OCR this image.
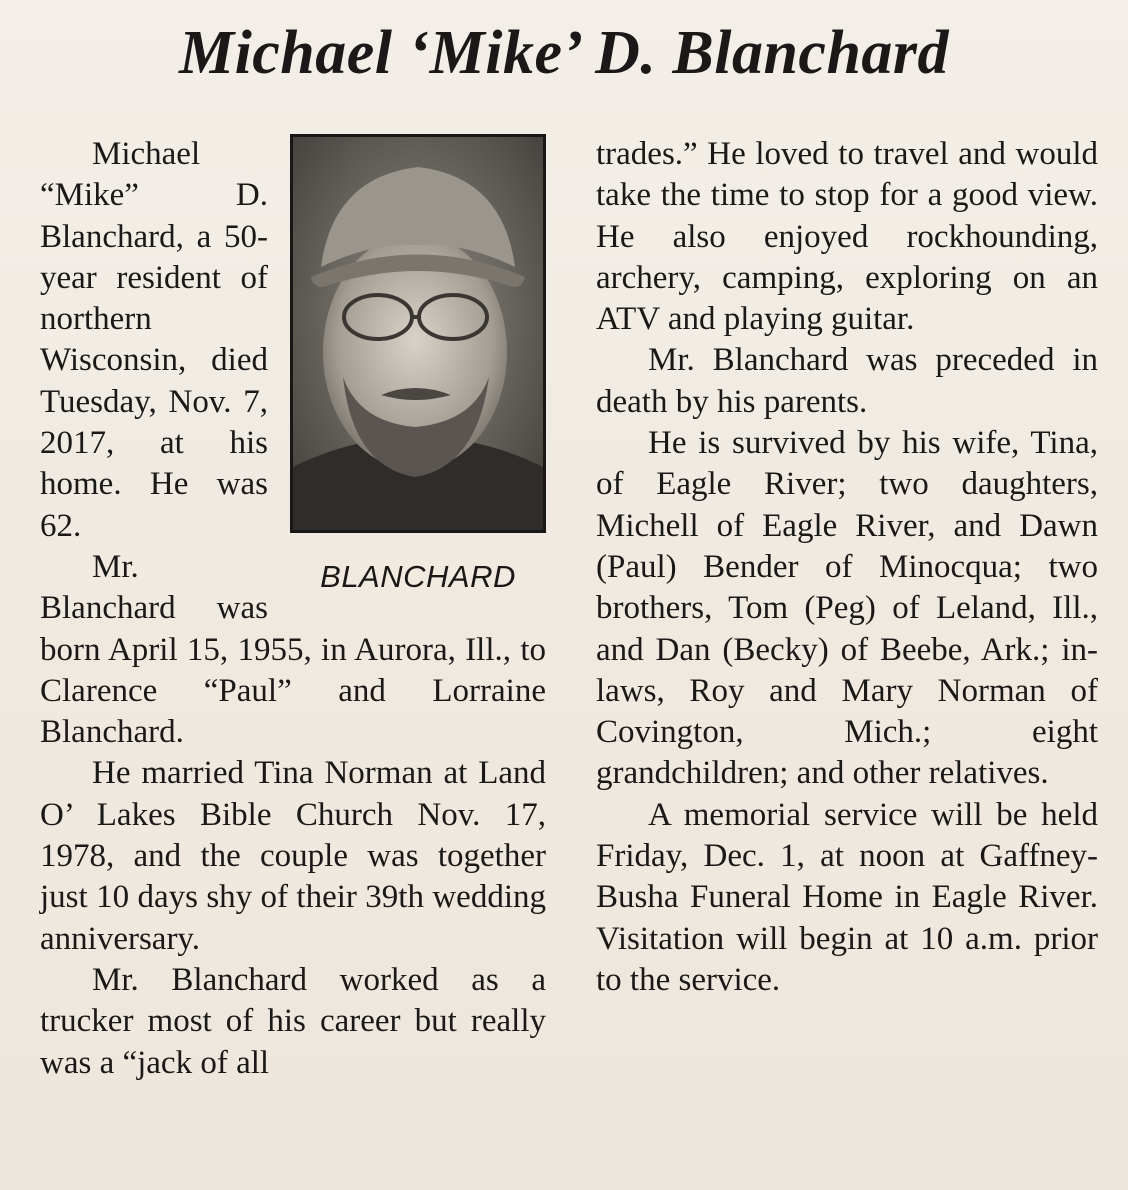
Michael ‘Mike’ D. Blanchard
BLANCHARD

Michael “Mike” D. Blanchard, a 50-year resident of northern Wisconsin, died Tuesday, Nov. 7, 2017, at his home. He was 62.

Mr. Blanchard was born April 15, 1955, in Aurora, Ill., to Clarence “Paul” and Lorraine Blanchard.

He married Tina Norman at Land O’ Lakes Bible Church Nov. 17, 1978, and the couple was together just 10 days shy of their 39th wedding anniversary.

Mr. Blanchard worked as a trucker most of his career but really was a “jack of all

trades.” He loved to travel and would take the time to stop for a good view. He also enjoyed rockhounding, archery, camping, exploring on an ATV and playing guitar.

Mr. Blanchard was preceded in death by his parents.

He is survived by his wife, Tina, of Eagle River; two daughters, Michell of Eagle River, and Dawn (Paul) Bender of Minocqua; two brothers, Tom (Peg) of Leland, Ill., and Dan (Becky) of Beebe, Ark.; in-laws, Roy and Mary Norman of Covington, Mich.; eight grandchildren; and other relatives.

A memorial service will be held Friday, Dec. 1, at noon at Gaffney-Busha Funeral Home in Eagle River. Visitation will begin at 10 a.m. prior to the service.
